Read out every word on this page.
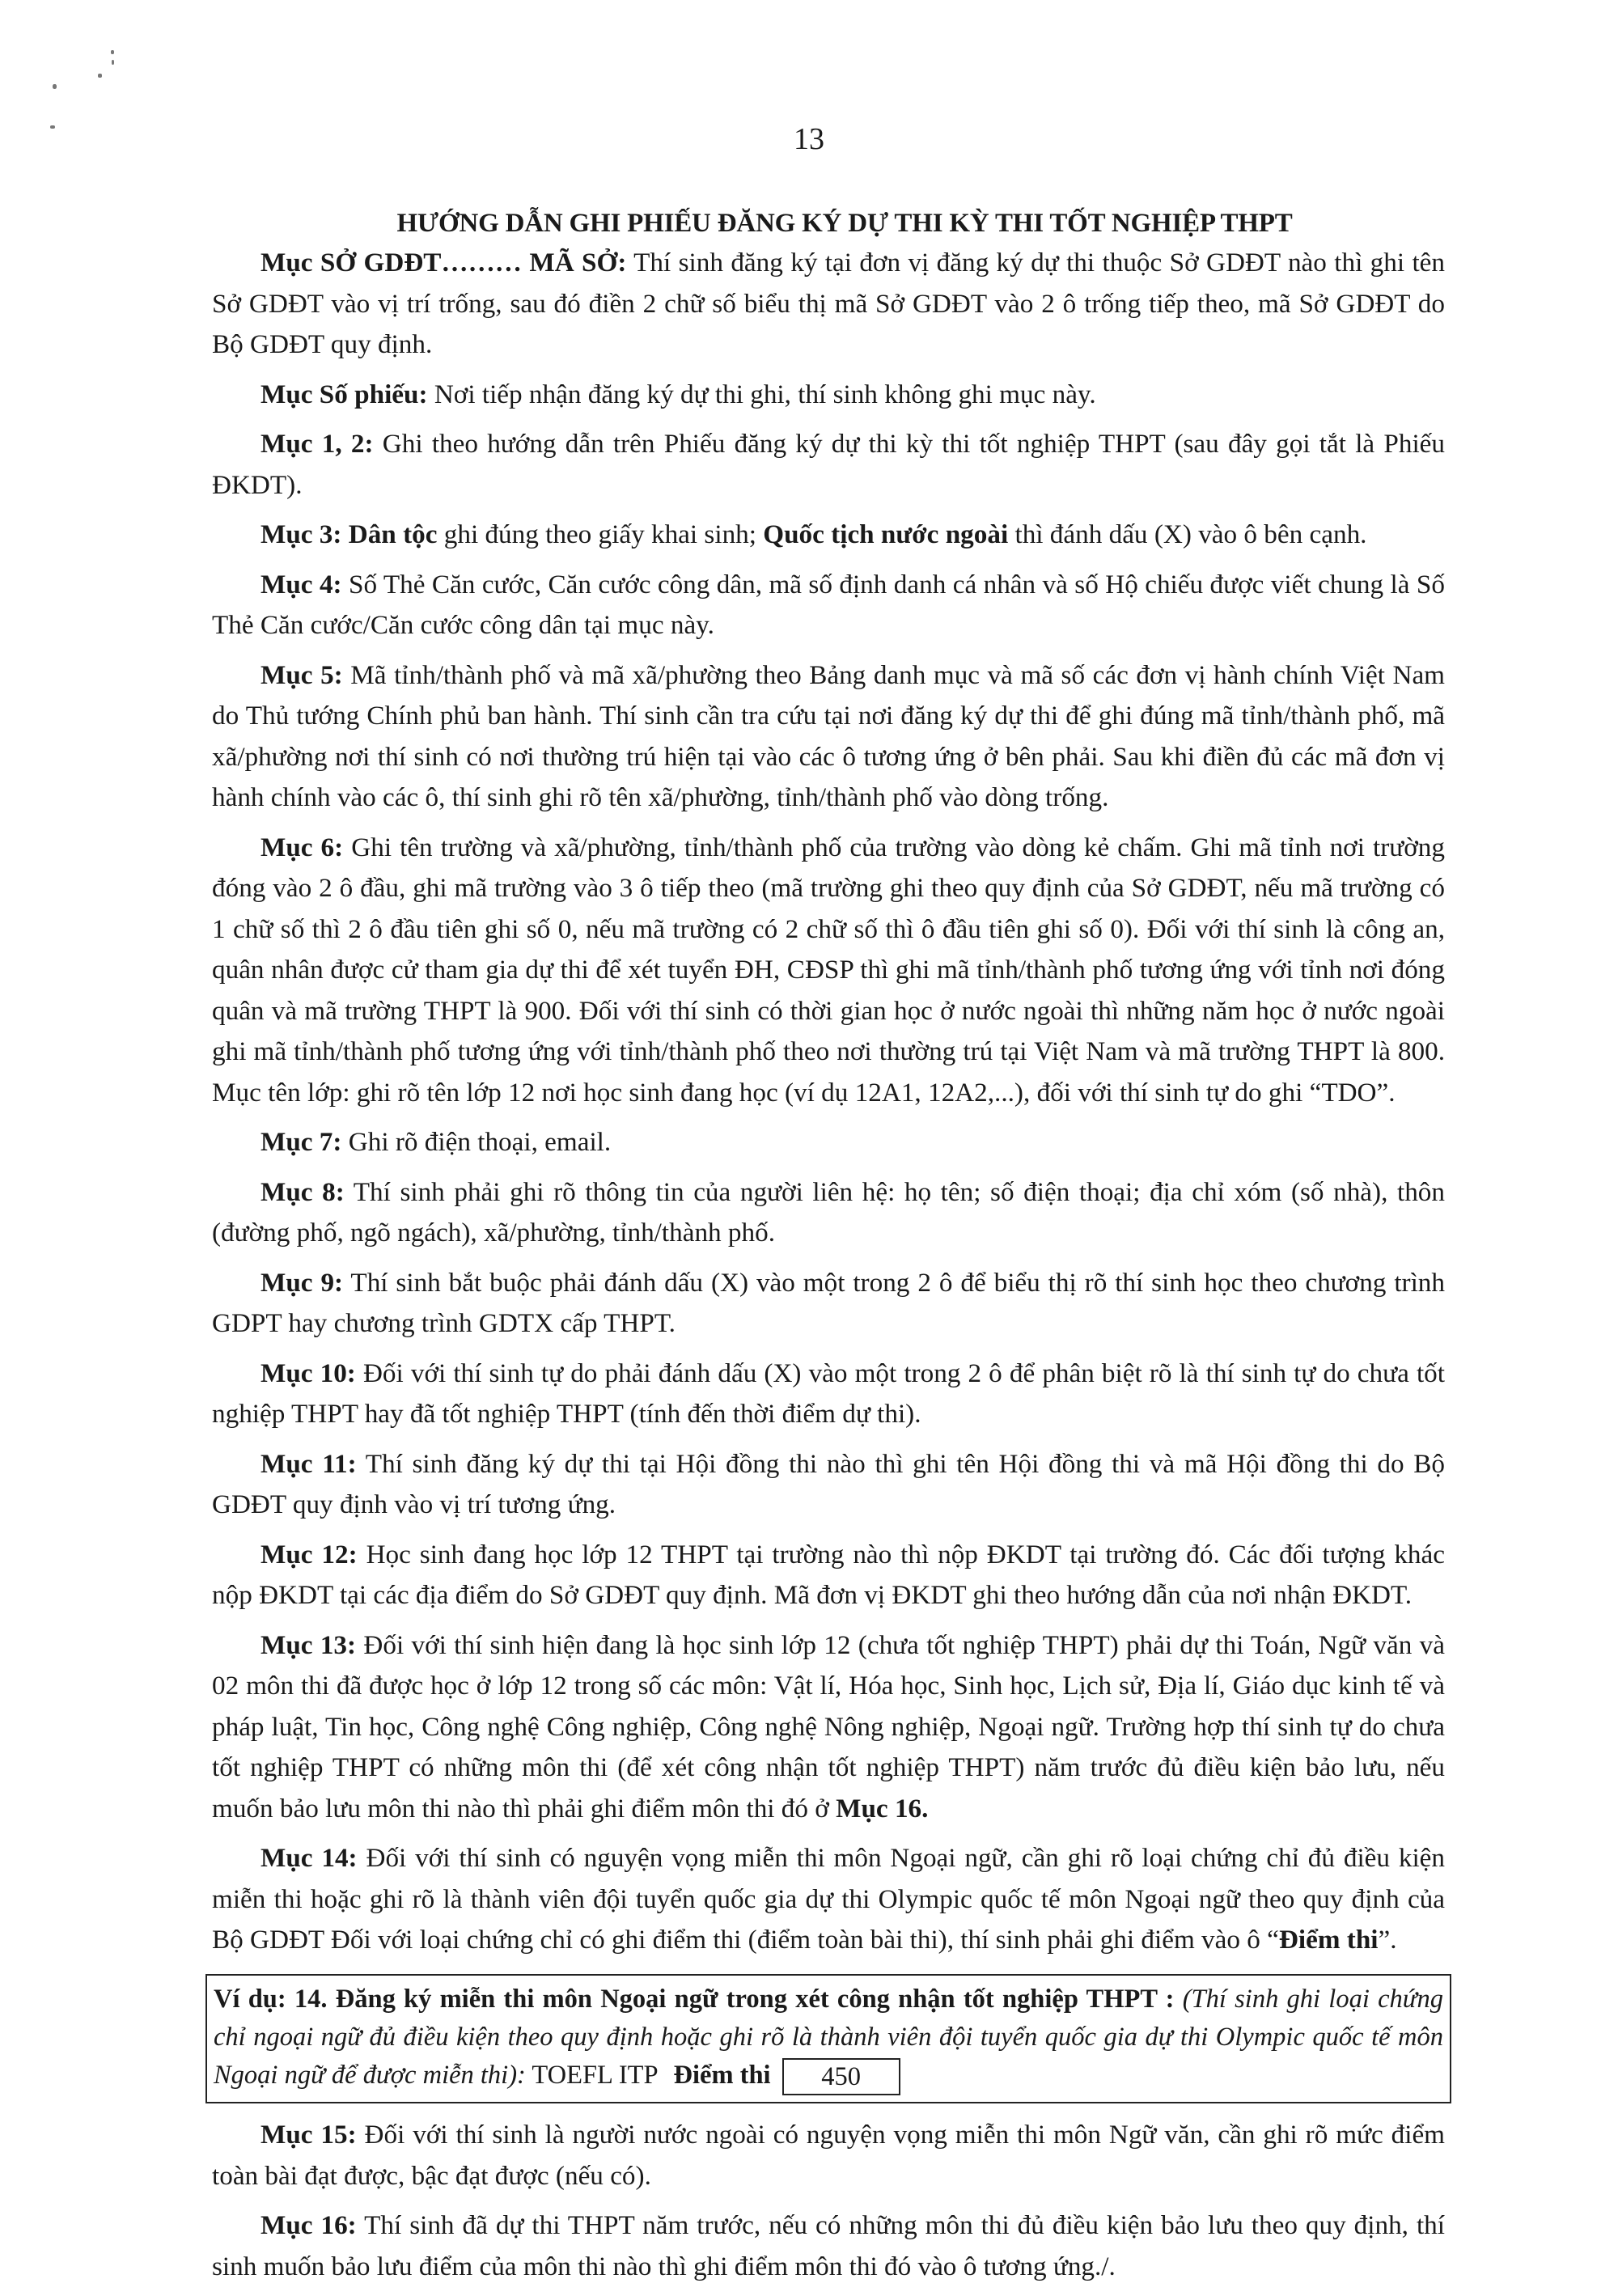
13
HƯỚNG DẪN GHI PHIẾU ĐĂNG KÝ DỰ THI KỲ THI TỐT NGHIỆP THPT

Mục SỞ GDĐT……… MÃ SỞ: Thí sinh đăng ký tại đơn vị đăng ký dự thi thuộc Sở GDĐT nào thì ghi tên Sở GDĐT vào vị trí trống, sau đó điền 2 chữ số biểu thị mã Sở GDĐT vào 2 ô trống tiếp theo, mã Sở GDĐT do Bộ GDĐT quy định.

Mục Số phiếu: Nơi tiếp nhận đăng ký dự thi ghi, thí sinh không ghi mục này.

Mục 1, 2: Ghi theo hướng dẫn trên Phiếu đăng ký dự thi kỳ thi tốt nghiệp THPT (sau đây gọi tắt là Phiếu ĐKDT).

Mục 3: Dân tộc ghi đúng theo giấy khai sinh; Quốc tịch nước ngoài thì đánh dấu (X) vào ô bên cạnh.

Mục 4: Số Thẻ Căn cước, Căn cước công dân, mã số định danh cá nhân và số Hộ chiếu được viết chung là Số Thẻ Căn cước/Căn cước công dân tại mục này.

Mục 5: Mã tỉnh/thành phố và mã xã/phường theo Bảng danh mục và mã số các đơn vị hành chính Việt Nam do Thủ tướng Chính phủ ban hành. Thí sinh cần tra cứu tại nơi đăng ký dự thi để ghi đúng mã tỉnh/thành phố, mã xã/phường nơi thí sinh có nơi thường trú hiện tại vào các ô tương ứng ở bên phải. Sau khi điền đủ các mã đơn vị hành chính vào các ô, thí sinh ghi rõ tên xã/phường, tỉnh/thành phố vào dòng trống.

Mục 6: Ghi tên trường và xã/phường, tỉnh/thành phố của trường vào dòng kẻ chấm. Ghi mã tỉnh nơi trường đóng vào 2 ô đầu, ghi mã trường vào 3 ô tiếp theo (mã trường ghi theo quy định của Sở GDĐT, nếu mã trường có 1 chữ số thì 2 ô đầu tiên ghi số 0, nếu mã trường có 2 chữ số thì ô đầu tiên ghi số 0). Đối với thí sinh là công an, quân nhân được cử tham gia dự thi để xét tuyển ĐH, CĐSP thì ghi mã tỉnh/thành phố tương ứng với tỉnh nơi đóng quân và mã trường THPT là 900. Đối với thí sinh có thời gian học ở nước ngoài thì những năm học ở nước ngoài ghi mã tỉnh/thành phố tương ứng với tỉnh/thành phố theo nơi thường trú tại Việt Nam và mã trường THPT là 800. Mục tên lớp: ghi rõ tên lớp 12 nơi học sinh đang học (ví dụ 12A1, 12A2,...), đối với thí sinh tự do ghi “TDO”.

Mục 7: Ghi rõ điện thoại, email.

Mục 8: Thí sinh phải ghi rõ thông tin của người liên hệ: họ tên; số điện thoại; địa chỉ xóm (số nhà), thôn (đường phố, ngõ ngách), xã/phường, tỉnh/thành phố.

Mục 9: Thí sinh bắt buộc phải đánh dấu (X) vào một trong 2 ô để biểu thị rõ thí sinh học theo chương trình GDPT hay chương trình GDTX cấp THPT.

Mục 10: Đối với thí sinh tự do phải đánh dấu (X) vào một trong 2 ô để phân biệt rõ là thí sinh tự do chưa tốt nghiệp THPT hay đã tốt nghiệp THPT (tính đến thời điểm dự thi).

Mục 11: Thí sinh đăng ký dự thi tại Hội đồng thi nào thì ghi tên Hội đồng thi và mã Hội đồng thi do Bộ GDĐT quy định vào vị trí tương ứng.

Mục 12: Học sinh đang học lớp 12 THPT tại trường nào thì nộp ĐKDT tại trường đó. Các đối tượng khác nộp ĐKDT tại các địa điểm do Sở GDĐT quy định. Mã đơn vị ĐKDT ghi theo hướng dẫn của nơi nhận ĐKDT.

Mục 13: Đối với thí sinh hiện đang là học sinh lớp 12 (chưa tốt nghiệp THPT) phải dự thi Toán, Ngữ văn và 02 môn thi đã được học ở lớp 12 trong số các môn: Vật lí, Hóa học, Sinh học, Lịch sử, Địa lí, Giáo dục kinh tế và pháp luật, Tin học, Công nghệ Công nghiệp, Công nghệ Nông nghiệp, Ngoại ngữ. Trường hợp thí sinh tự do chưa tốt nghiệp THPT có những môn thi (để xét công nhận tốt nghiệp THPT) năm trước đủ điều kiện bảo lưu, nếu muốn bảo lưu môn thi nào thì phải ghi điểm môn thi đó ở Mục 16.

Mục 14: Đối với thí sinh có nguyện vọng miễn thi môn Ngoại ngữ, cần ghi rõ loại chứng chỉ đủ điều kiện miễn thi hoặc ghi rõ là thành viên đội tuyển quốc gia dự thi Olympic quốc tế môn Ngoại ngữ theo quy định của Bộ GDĐT Đối với loại chứng chỉ có ghi điểm thi (điểm toàn bài thi), thí sinh phải ghi điểm vào ô “Điểm thi”.

Ví dụ: 14. Đăng ký miễn thi môn Ngoại ngữ trong xét công nhận tốt nghiệp THPT : (Thí sinh ghi loại chứng chỉ ngoại ngữ đủ điều kiện theo quy định hoặc ghi rõ là thành viên đội tuyển quốc gia dự thi Olympic quốc tế môn Ngoại ngữ để được miễn thi): TOEFL ITP Điểm thi 450

Mục 15: Đối với thí sinh là người nước ngoài có nguyện vọng miễn thi môn Ngữ văn, cần ghi rõ mức điểm toàn bài đạt được, bậc đạt được (nếu có).

Mục 16: Thí sinh đã dự thi THPT năm trước, nếu có những môn thi đủ điều kiện bảo lưu theo quy định, thí sinh muốn bảo lưu điểm của môn thi nào thì ghi điểm môn thi đó vào ô tương ứng./.
